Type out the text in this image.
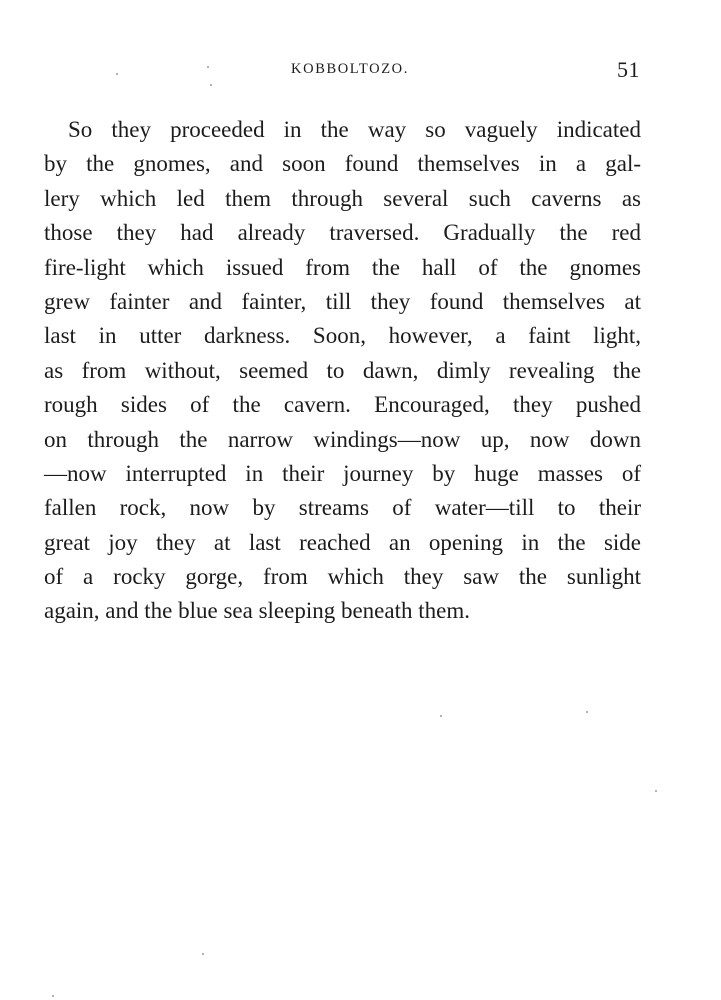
KOBBOLTOZO.	51
So they proceeded in the way so vaguely indicated
by the gnomes, and soon found themselves in a gal-
lery which led them through several such caverns as
those they had already traversed. Gradually the red
fire-light which issued from the hall of the gnomes
grew fainter and fainter, till they found themselves at
last in utter darkness. Soon, however, a faint light,
as from without, seemed to dawn, dimly revealing the
rough sides of the cavern. Encouraged, they pushed
on through the narrow windings—now up, now down
—now interrupted in their journey by huge masses of
fallen rock, now by streams of water—till to their
great joy they at last reached an opening in the side
of a rocky gorge, from which they saw the sunlight
again, and the blue sea sleeping beneath them.
